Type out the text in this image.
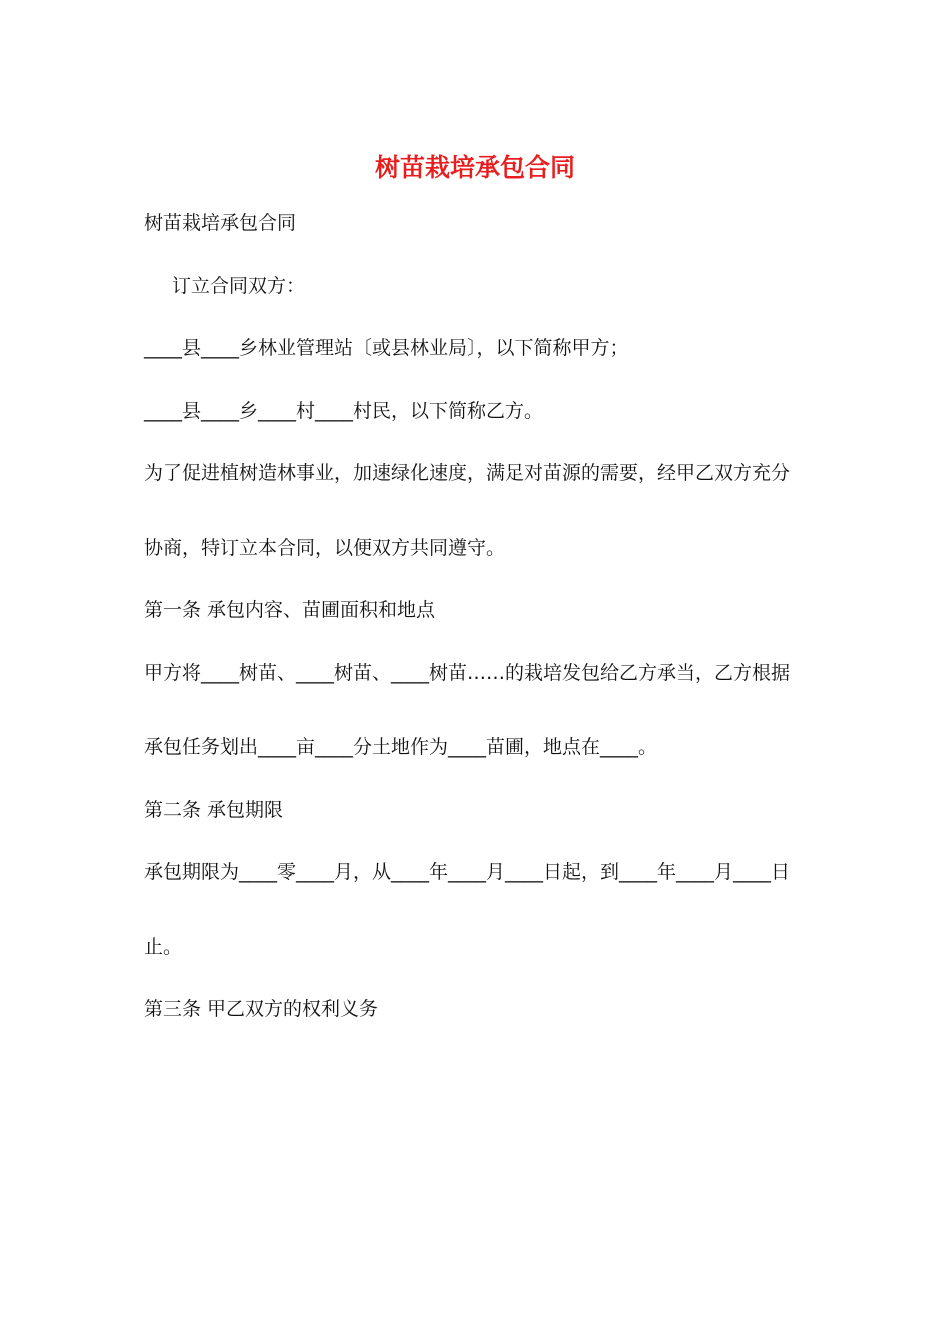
树苗栽培承包合同
树苗栽培承包合同
订立合同双方：
____县____乡林业管理站〔或县林业局〕，以下简称甲方；
____县____乡____村____村民，以下简称乙方。
为了促进植树造林事业，加速绿化速度，满足对苗源的需要，经甲乙双方充分
协商，特订立本合同，以便双方共同遵守。
第一条 承包内容、苗圃面积和地点
甲方将____树苗、____树苗、____树苗……的栽培发包给乙方承当，乙方根据
承包任务划出____亩____分土地作为____苗圃，地点在____。
第二条 承包期限
承包期限为____零____月，从____年____月____日起，到____年____月____日
止。
第三条 甲乙双方的权利义务
